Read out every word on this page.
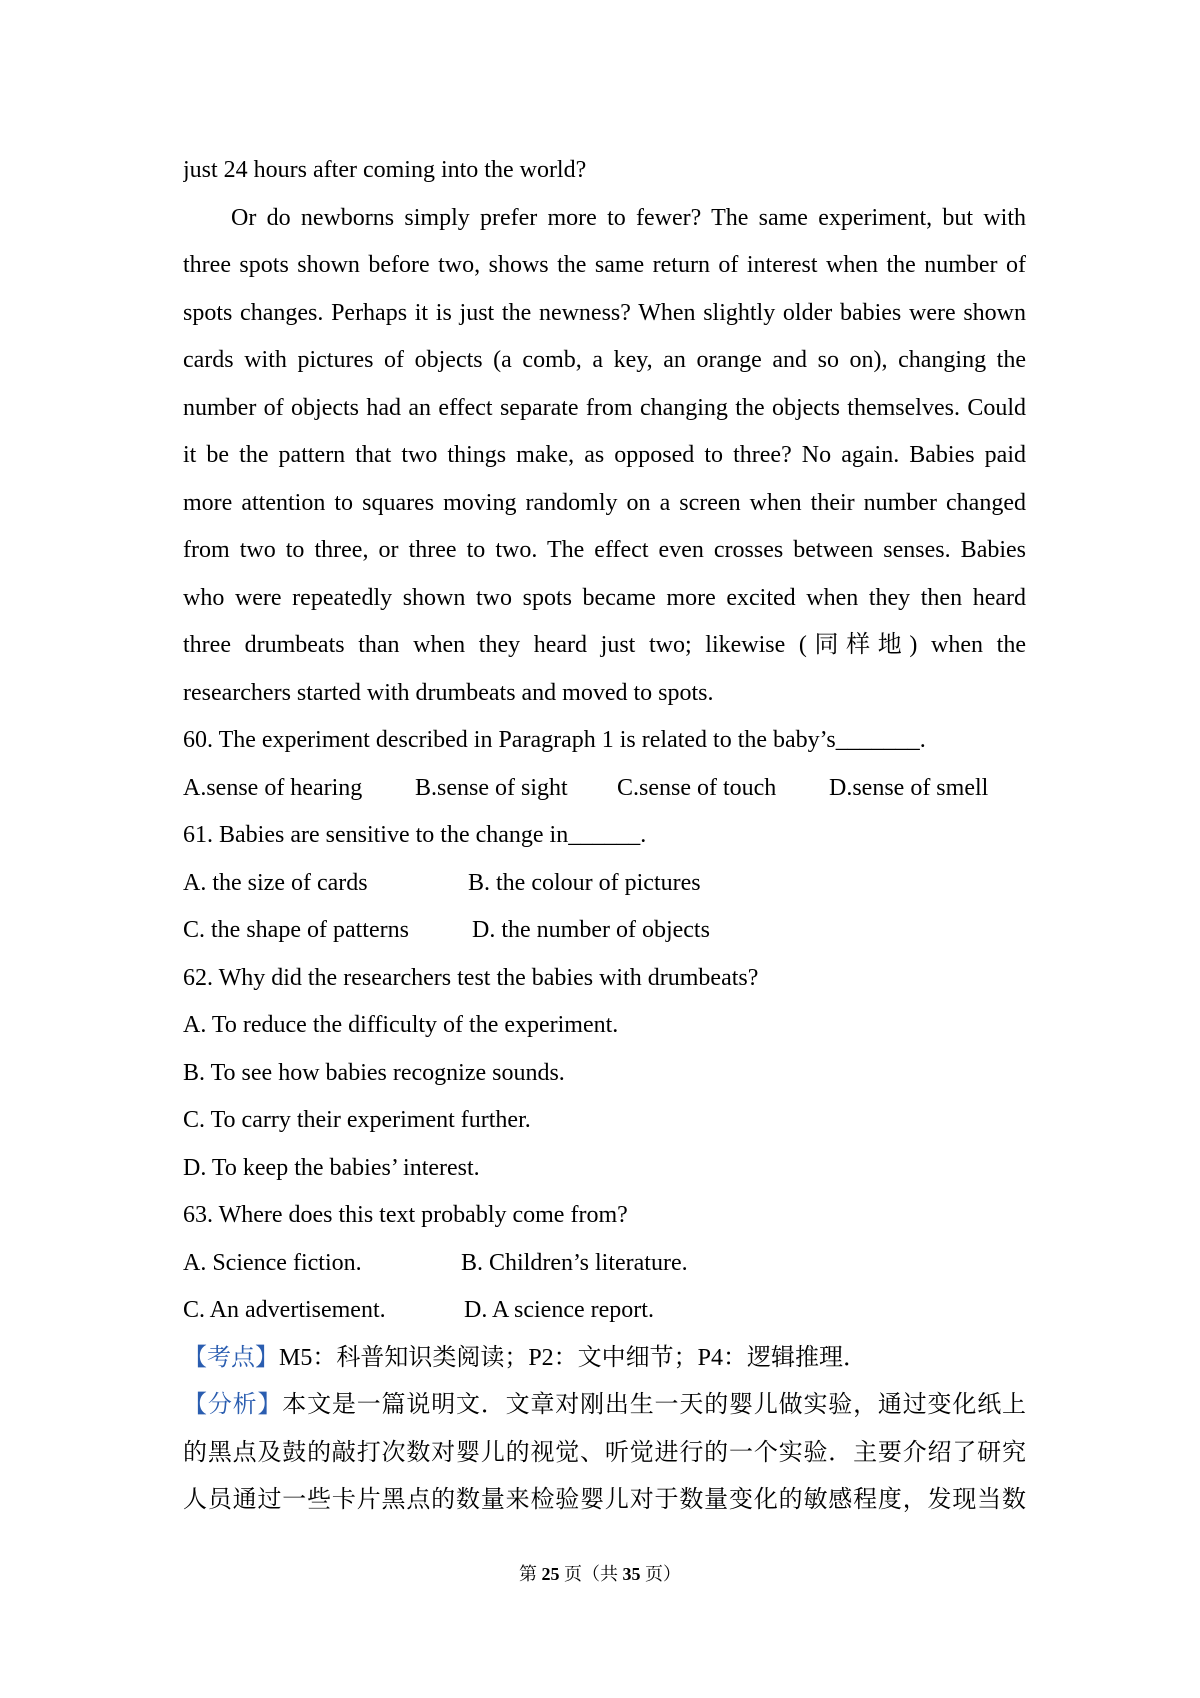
just 24 hours after coming into the world?
Or do newborns simply prefer more to fewer? The same experiment, but with
three spots shown before two, shows the same return of interest when the number of
spots changes. Perhaps it is just the newness? When slightly older babies were shown
cards with pictures of objects (a comb, a key, an orange and so on), changing the
number of objects had an effect separate from changing the objects themselves. Could
it be the pattern that two things make, as opposed to three? No again. Babies paid
more attention to squares moving randomly on a screen when their number changed
from two to three, or three to two. The effect even crosses between senses. Babies
who were repeatedly shown two spots became more excited when they then heard
three drumbeats than when they heard just two; likewise (同样地) when the
researchers started with drumbeats and moved to spots.
60. The experiment described in Paragraph 1 is related to the baby’s_______.
A.sense of hearing B.sense of sight C.sense of touch D.sense of smell
61. Babies are sensitive to the change in______.
A. the size of cards	B. the colour of pictures
C. the shape of patterns	D. the number of objects
62. Why did the researchers test the babies with drumbeats?
A. To reduce the difficulty of the experiment.
B. To see how babies recognize sounds.
C. To carry their experiment further.
D. To keep the babies’ interest.
63. Where does this text probably come from?
A. Science fiction.	B. Children’s literature.
C. An advertisement.	D. A science report.
【考点】M5：科普知识类阅读；P2：文中细节；P4：逻辑推理．
【分析】本文是一篇说明文．文章对刚出生一天的婴儿做实验，通过变化纸上
的黑点及鼓的敲打次数对婴儿的视觉、听觉进行的一个实验．主要介绍了研究
人员通过一些卡片黑点的数量来检验婴儿对于数量变化的敏感程度，发现当数
第 25 页（共 35 页）
